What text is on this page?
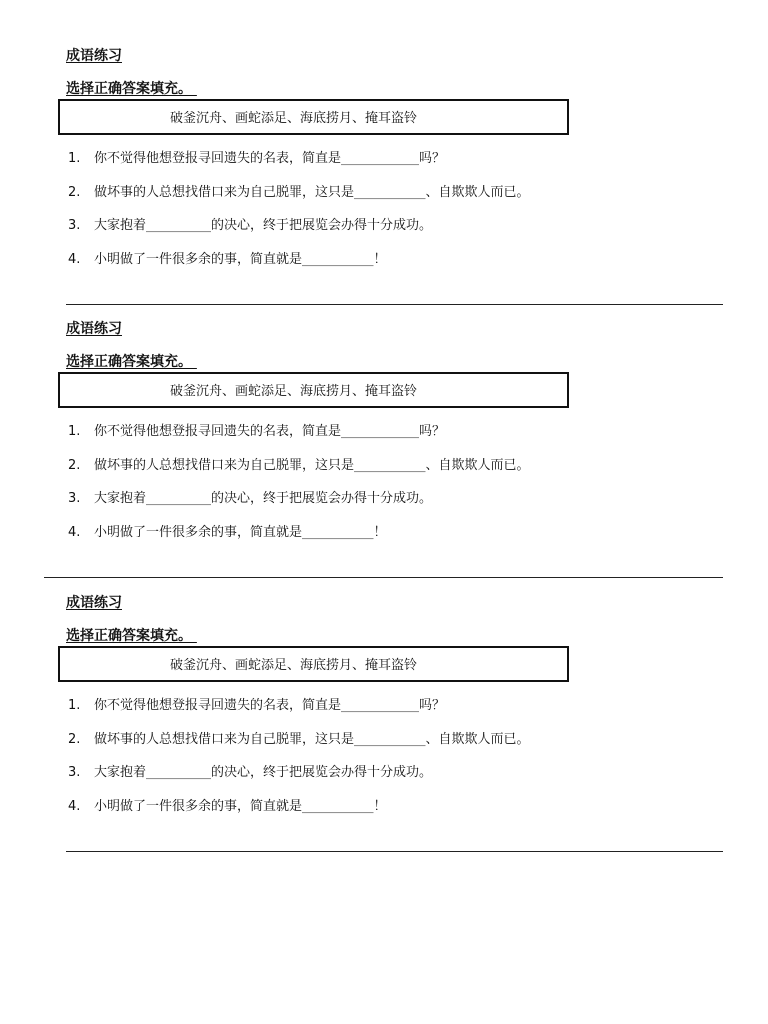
成语练习
选择正确答案填充。
破釜沉舟、画蛇添足、海底捞月、掩耳盗铃
1. 你不觉得他想登报寻回遗失的名表，简直是____________吗？
2. 做坏事的人总想找借口来为自己脱罪，这只是___________、自欺欺人而已。
3. 大家抱着__________的决心，终于把展览会办得十分成功。
4. 小明做了一件很多余的事，简直就是___________！
成语练习
选择正确答案填充。
破釜沉舟、画蛇添足、海底捞月、掩耳盗铃
1. 你不觉得他想登报寻回遗失的名表，简直是____________吗？
2. 做坏事的人总想找借口来为自己脱罪，这只是___________、自欺欺人而已。
3. 大家抱着__________的决心，终于把展览会办得十分成功。
4. 小明做了一件很多余的事，简直就是___________！
成语练习
选择正确答案填充。
破釜沉舟、画蛇添足、海底捞月、掩耳盗铃
1. 你不觉得他想登报寻回遗失的名表，简直是____________吗？
2. 做坏事的人总想找借口来为自己脱罪，这只是___________、自欺欺人而已。
3. 大家抱着__________的决心，终于把展览会办得十分成功。
4. 小明做了一件很多余的事，简直就是___________！
